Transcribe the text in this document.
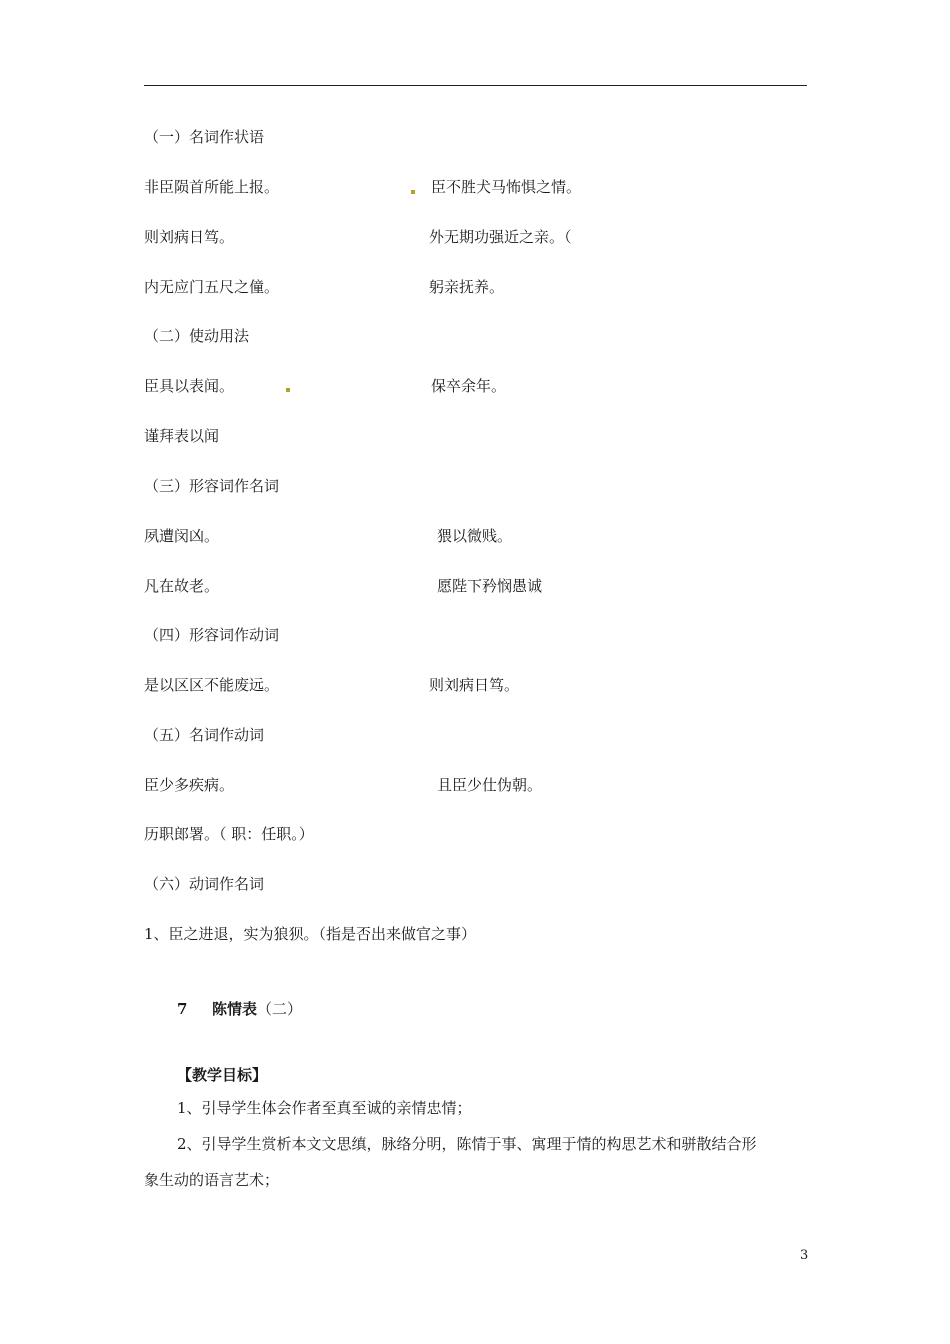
（一）名词作状语
非臣陨首所能上报。	臣不胜犬马怖惧之情。
则刘病日笃。	外无期功强近之亲。（
内无应门五尺之僮。	躬亲抚养。
（二）使动用法
臣具以表闻。	保卒余年。
谨拜表以闻
（三）形容词作名词
夙遭闵凶。	猥以微贱。
凡在故老。	愿陛下矜悯愚诚
（四）形容词作动词
是以区区不能废远。	则刘病日笃。
（五）名词作动词
臣少多疾病。	且臣少仕伪朝。
历职郎署。（ 职：任职。）
（六）动词作名词
1、臣之进退，实为狼狈。（指是否出来做官之事）
7 陈情表（二）
【教学目标】
1、引导学生体会作者至真至诚的亲情忠情；
2、引导学生赏析本文文思缜，脉络分明，陈情于事、寓理于情的构思艺术和骈散结合形
象生动的语言艺术；
3
